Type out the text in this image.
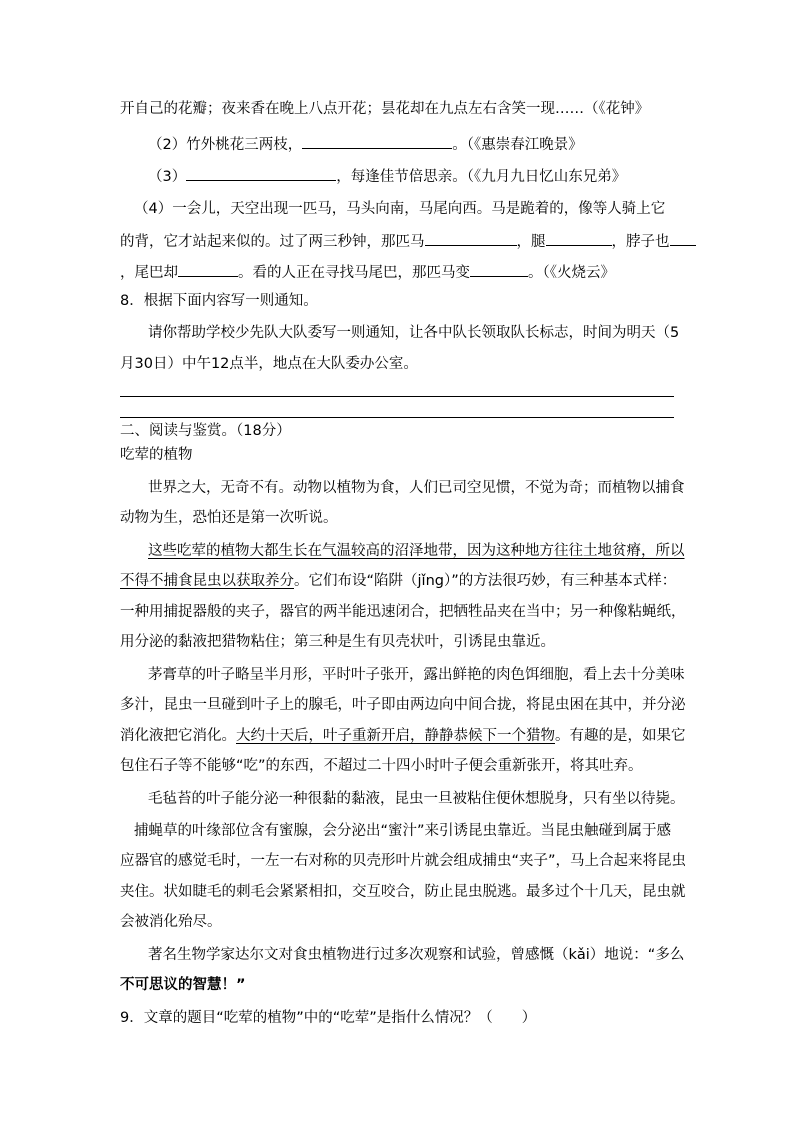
开自己的花瓣；夜来香在晚上八点开花；昙花却在九点左右含笑一现……（《花钟》
（2）竹外桃花三两枝，	。（《惠崇春江晚景》
（3）	，每逢佳节倍思亲。（《九月九日忆山东兄弟》
（4）一会儿，天空出现一匹马，马头向南，马尾向西。马是跪着的，像等人骑上它
的背，它才站起来似的。过了两三秒钟，那匹马	，腿	，脖子也
，尾巴却	。看的人正在寻找马尾巴，那匹马变	。（《火烧云》
8．根据下面内容写一则通知。
请你帮助学校少先队大队委写一则通知，让各中队长领取队长标志，时间为明天（5
月30日）中午12点半，地点在大队委办公室。
二、阅读与鉴赏。（18分）
吃荤的植物
世界之大，无奇不有。动物以植物为食，人们已司空见惯，不觉为奇；而植物以捕食
动物为生，恐怕还是第一次听说。
这些吃荤的植物大都生长在气温较高的沼泽地带，因为这种地方往往土地贫瘠，所以
不得不捕食昆虫以获取养分。它们布设“陷阱（jǐng）”的方法很巧妙，有三种基本式样：
一种用捕捉器般的夹子，器官的两半能迅速闭合，把牺牲品夹在当中；另一种像粘蝇纸，
用分泌的黏液把猎物粘住；第三种是生有贝壳状叶，引诱昆虫靠近。
茅膏草的叶子略呈半月形，平时叶子张开，露出鲜艳的肉色饵细胞，看上去十分美味
多汁，昆虫一旦碰到叶子上的腺毛，叶子即由两边向中间合拢，将昆虫困在其中，并分泌
消化液把它消化。大约十天后，叶子重新开启，静静恭候下一个猎物。有趣的是，如果它
包住石子等不能够“吃”的东西，不超过二十四小时叶子便会重新张开，将其吐弃。
毛毡苔的叶子能分泌一种很黏的黏液，昆虫一旦被粘住便休想脱身，只有坐以待毙。
捕蝇草的叶缘部位含有蜜腺，会分泌出“蜜汁”来引诱昆虫靠近。当昆虫触碰到属于感
应器官的感觉毛时，一左一右对称的贝壳形叶片就会组成捕虫“夹子”，马上合起来将昆虫
夹住。状如睫毛的刺毛会紧紧相扣，交互咬合，防止昆虫脱逃。最多过个十几天，昆虫就
会被消化殆尽。
著名生物学家达尔文对食虫植物进行过多次观察和试验，曾感慨（kǎi）地说：“多么
不可思议的智慧！”
9．文章的题目“吃荤的植物”中的“吃荤”是指什么情况？（　　）
